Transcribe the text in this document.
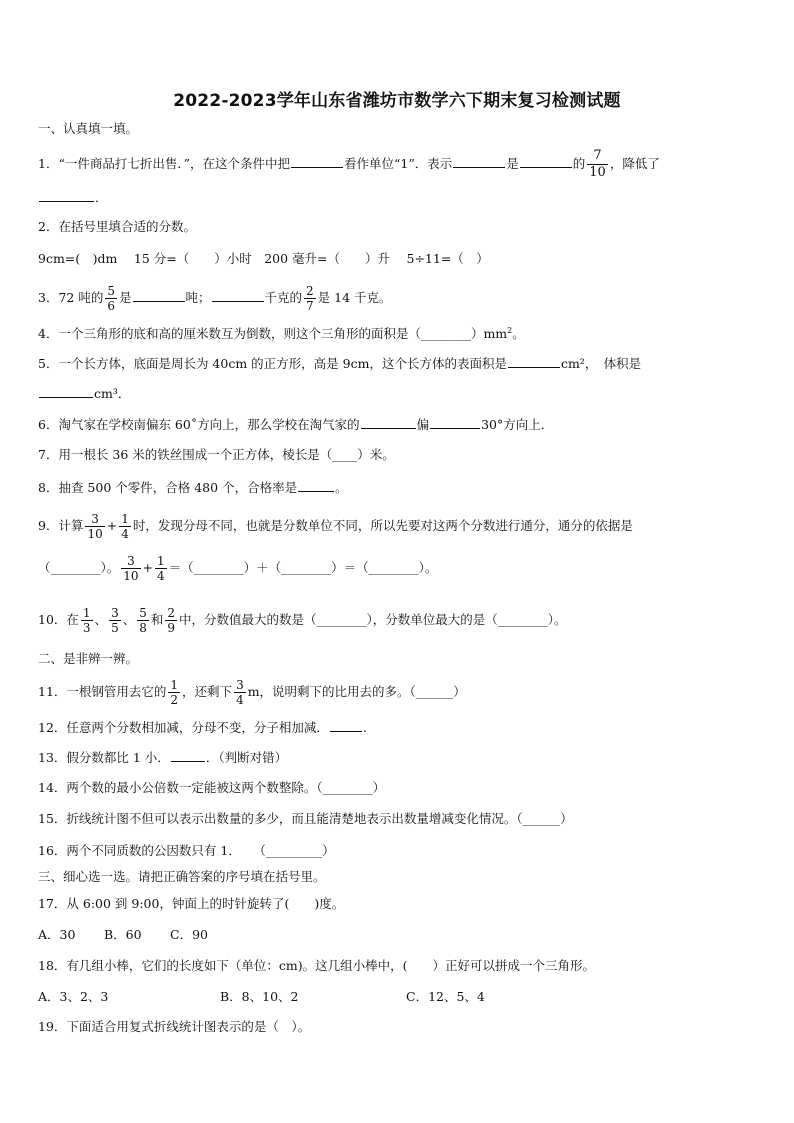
2022-2023学年山东省潍坊市数学六下期末复习检测试题
一、认真填一填。
1．“一件商品打七折出售．”，在这个条件中把	看作单位“1”．表示	是	的 $\frac{7}{10}$ ，降低了
．
2．在括号里填合适的分数。
9cm=(　)dm　 15 分=（　　）小时　200 毫升=（　　）升　 5÷11=（　）
3．72 吨的 $\frac{5}{6}$ 是	吨；	千克的 $\frac{2}{7}$ 是 14 千克。
4．一个三角形的底和高的厘米数互为倒数，则这个三角形的面积是$(\_\_\_\_\_\_\_\_)mm^2$。
5．一个长方体，底面是周长为 40cm 的正方形，高是 9cm，这个长方体的表面积是	cm²，　体积是
cm³．
6．淘气家在学校南偏东 60˚方向上，那么学校在淘气家的	偏	30°方向上．
7．用一根长 36 米的铁丝围成一个正方体，棱长是（____）米。
8．抽查 500 个零件，合格 480 个，合格率是	。
9．计算 $\frac{3}{10} + \frac{1}{4}$ 时，发现分母不同，也就是分数单位不同，所以先要对这两个分数进行通分，通分的依据是
（________）。 $\frac{3}{10} + \frac{1}{4}$ ＝（________）＋（________）＝（________）。
10．在 $\frac{1}{3}$ 、 $\frac{3}{5}$ 、 $\frac{5}{8}$ 和 $\frac{2}{9}$ 中，分数值最大的数是（________），分数单位最大的是（________）。
二、是非辨一辨。
11．一根钢管用去它的 $\frac{1}{2}$ ，还剩下 $\frac{3}{4}$ m，说明剩下的比用去的多。（______）
12．任意两个分数相加减，分母不变，分子相加减．	.
13．假分数都比 1 小．	．（判断对错）
14．两个数的最小公倍数一定能被这两个数整除。（________）
15．折线统计图不但可以表示出数量的多少，而且能清楚地表示出数量增减变化情况。（______）
16．两个不同质数的公因数只有 1．　　（_________）
三、细心选一选。请把正确答案的序号填在括号里。
17．从 6:00 到 9:00，钟面上的时针旋转了(　　)度。
A．30 B．60 C．90
18．有几组小棒，它们的长度如下（单位：cm)。这几组小棒中，(　　）正好可以拼成一个三角形。
A．3、2、3	B．8、10、2	C．12、5、4
19．下面适合用复式折线统计图表示的是（　）。
